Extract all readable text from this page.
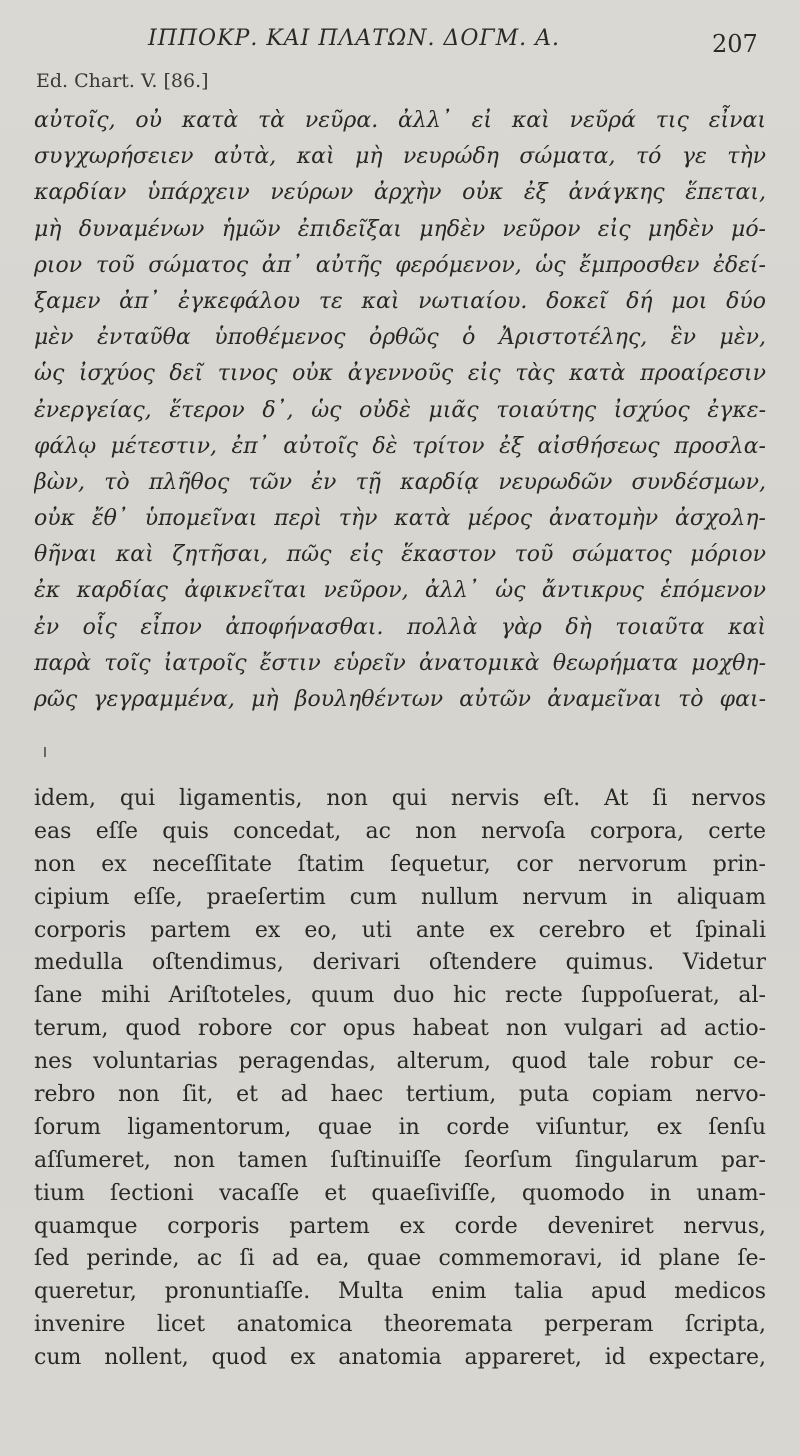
ΙΠΠΟΚΡ. ΚΑΙ ΠΛΑΤΩΝ. ΔΟΓΜ. Α.	207
Ed. Chart. V. [86.]
αὐτοῖς, οὐ κατὰ τὰ νεῦρα. ἀλλ᾽ εἰ καὶ νεῦρά τις εἶναι
συγχωρήσειεν αὐτὰ, καὶ μὴ νευρώδη σώματα, τό γε τὴν
καρδίαν ὑπάρχειν νεύρων ἀρχὴν οὐκ ἐξ ἀνάγκης ἕπεται,
μὴ δυναμένων ἡμῶν ἐπιδεῖξαι μηδὲν νεῦρον εἰς μηδὲν μό-
ριον τοῦ σώματος ἀπ᾽ αὐτῆς φερόμενον, ὡς ἔμπροσθεν ἐδεί-
ξαμεν ἀπ᾽ ἐγκεφάλου τε καὶ νωτιαίου. δοκεῖ δή μοι δύο
μὲν ἐνταῦθα ὑποθέμενος ὀρθῶς ὁ Ἀριστοτέλης, ἓν μὲν,
ὡς ἰσχύος δεῖ τινος οὐκ ἀγεννοῦς εἰς τὰς κατὰ προαίρεσιν
ἐνεργείας, ἕτερον δ᾽, ὡς οὐδὲ μιᾶς τοιαύτης ἰσχύος ἐγκε-
φάλῳ μέτεστιν, ἐπ᾽ αὐτοῖς δὲ τρίτον ἐξ αἰσθήσεως προσλα-
βὼν, τὸ πλῆθος τῶν ἐν τῇ καρδίᾳ νευρωδῶν συνδέσμων,
οὐκ ἔθ᾽ ὑπομεῖναι περὶ τὴν κατὰ μέρος ἀνατομὴν ἀσχολη-
θῆναι καὶ ζητῆσαι, πῶς εἰς ἕκαστον τοῦ σώματος μόριον
ἐκ καρδίας ἀφικνεῖται νεῦρον, ἀλλ᾽ ὡς ἄντικρυς ἑπόμενον
ἐν οἷς εἶπον ἀποφήνασθαι. πολλὰ γὰρ δὴ τοιαῦτα καὶ
παρὰ τοῖς ἰατροῖς ἔστιν εὑρεῖν ἀνατομικὰ θεωρήματα μοχθη-
ρῶς γεγραμμένα, μὴ βουληθέντων αὐτῶν ἀναμεῖναι τὸ φαι-
idem, qui ligamentis, non qui nervis eſt. At ſi nervos
eas eſſe quis concedat, ac non nervoſa corpora, certe
non ex neceſſitate ſtatim ſequetur, cor nervorum prin-
cipium eſſe, praeſertim cum nullum nervum in aliquam
corporis partem ex eo, uti ante ex cerebro et ſpinali
medulla oſtendimus, derivari oſtendere quimus. Videtur
ſane mihi Ariſtoteles, quum duo hic recte ſuppoſuerat, al-
terum, quod robore cor opus habeat non vulgari ad actio-
nes voluntarias peragendas, alterum, quod tale robur ce-
rebro non ſit, et ad haec tertium, puta copiam nervo-
ſorum ligamentorum, quae in corde viſuntur, ex ſenſu
aſſumeret, non tamen ſuſtinuiſſe ſeorſum ſingularum par-
tium ſectioni vacaſſe et quaeſiviſſe, quomodo in unam-
quamque corporis partem ex corde deveniret nervus,
ſed perinde, ac ſi ad ea, quae commemoravi, id plane ſe-
queretur, pronuntiaſſe. Multa enim talia apud medicos
invenire licet anatomica theoremata perperam ſcripta,
cum nollent, quod ex anatomia appareret, id expectare,
